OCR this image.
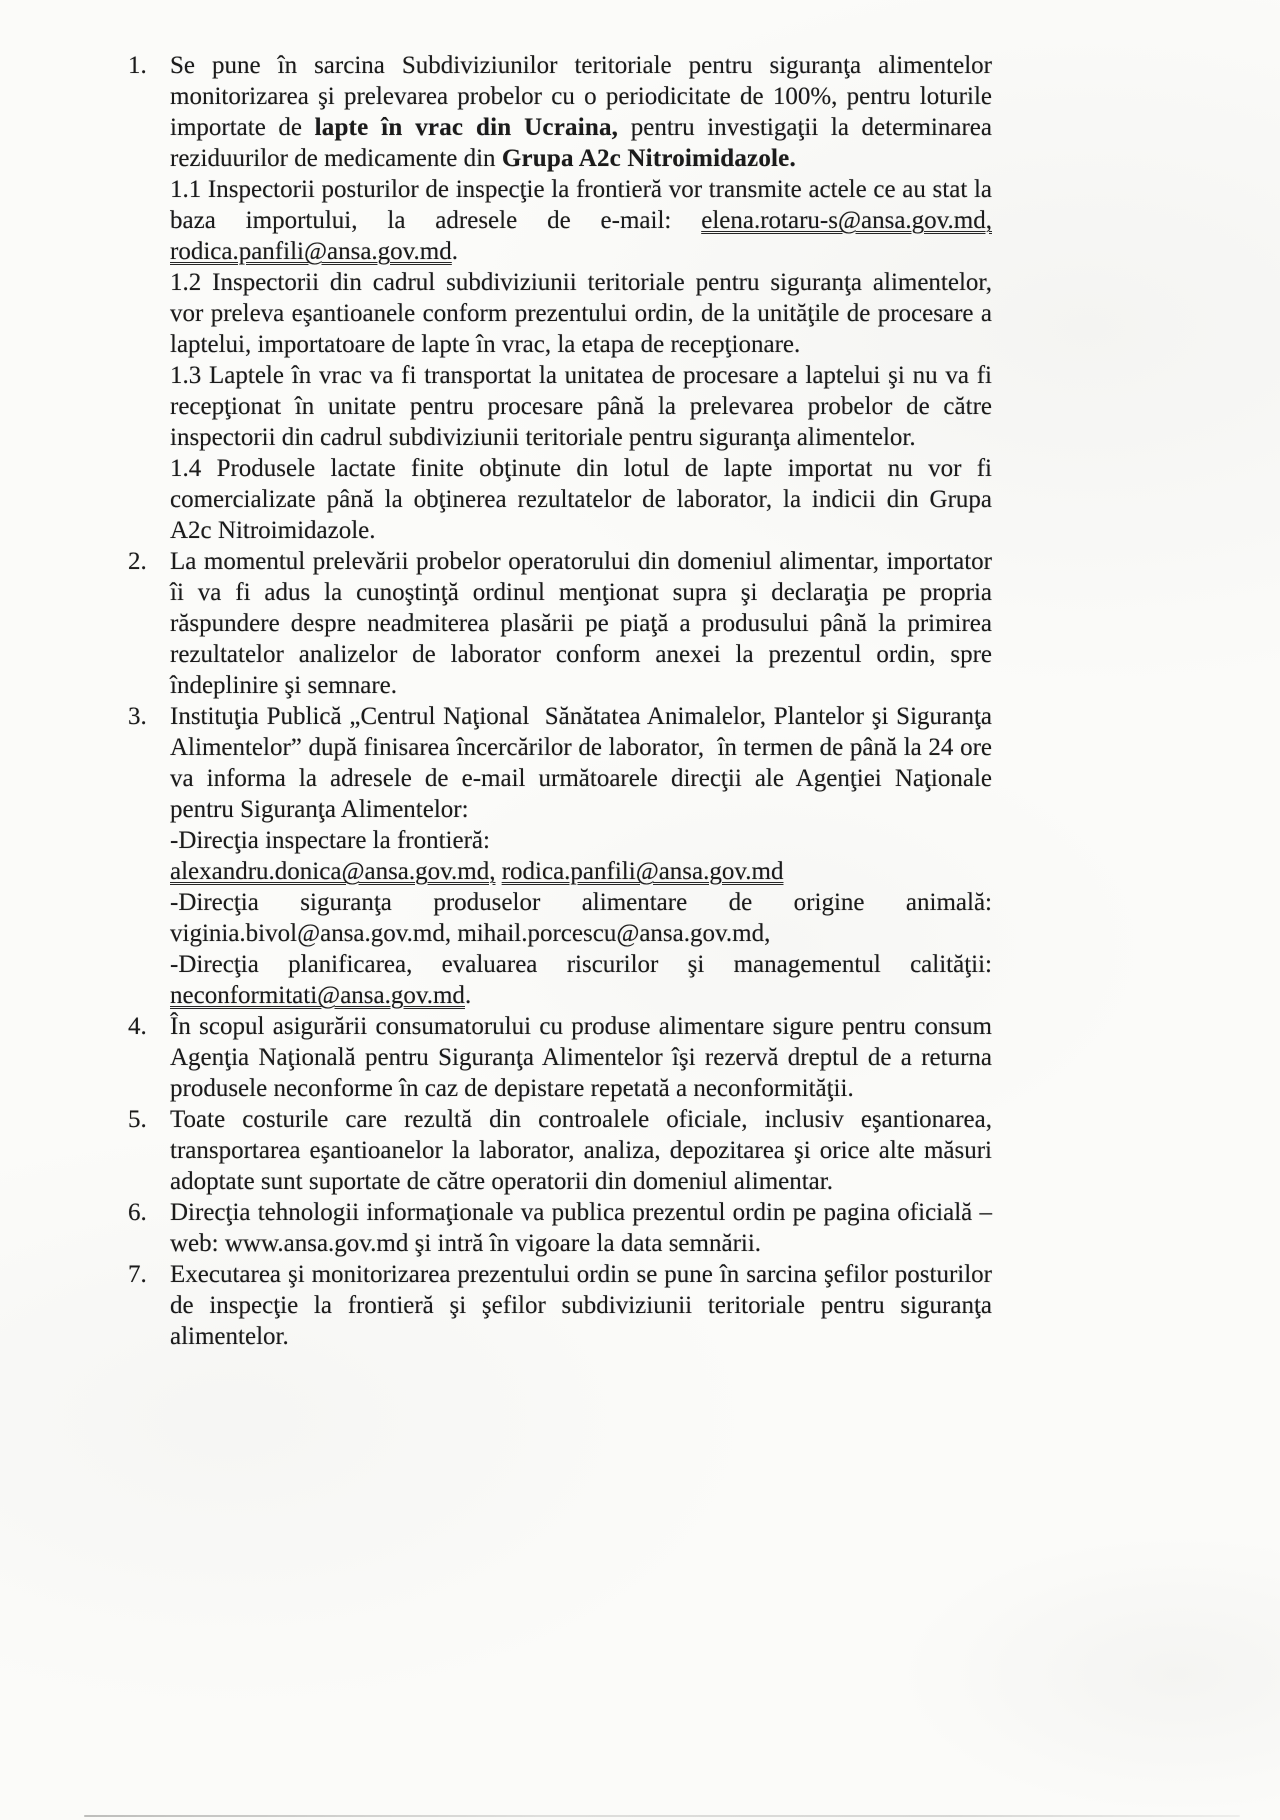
1. Se pune în sarcina Subdiviziunilor teritoriale pentru siguranţa alimentelor monitorizarea şi prelevarea probelor cu o periodicitate de 100%, pentru loturile importate de lapte în vrac din Ucraina, pentru investigaţii la determinarea reziduurilor de medicamente din Grupa A2c Nitroimidazole.

1.1 Inspectorii posturilor de inspecţie la frontieră vor transmite actele ce au stat la baza importului, la adresele de e-mail: elena.rotaru-s@ansa.gov.md, rodica.panfili@ansa.gov.md.

1.2 Inspectorii din cadrul subdiviziunii teritoriale pentru siguranţa alimentelor, vor preleva eşantioanele conform prezentului ordin, de la unităţile de procesare a laptelui, importatoare de lapte în vrac, la etapa de recepţionare.

1.3 Laptele în vrac va fi transportat la unitatea de procesare a laptelui şi nu va fi recepţionat în unitate pentru procesare până la prelevarea probelor de către inspectorii din cadrul subdiviziunii teritoriale pentru siguranţa alimentelor.

1.4 Produsele lactate finite obţinute din lotul de lapte importat nu vor fi comercializate până la obţinerea rezultatelor de laborator, la indicii din Grupa A2c Nitroimidazole.

2. La momentul prelevării probelor operatorului din domeniul alimentar, importator îi va fi adus la cunoştinţă ordinul menţionat supra şi declaraţia pe propria răspundere despre neadmiterea plasării pe piaţă a produsului până la primirea rezultatelor analizelor de laborator conform anexei la prezentul ordin, spre îndeplinire şi semnare.

3. Instituţia Publică „Centrul Naţional  Sănătatea Animalelor, Plantelor şi Siguranţa Alimentelor” după finisarea încercărilor de laborator,  în termen de până la 24 ore va informa la adresele de e-mail următoarele direcţii ale Agenţiei Naţionale pentru Siguranţa Alimentelor:

-Direcţia inspectare la frontieră:

alexandru.donica@ansa.gov.md, rodica.panfili@ansa.gov.md

-Direcţia siguranţa produselor alimentare de origine animală: viginia.bivol@ansa.gov.md, mihail.porcescu@ansa.gov.md,

-Direcţia planificarea, evaluarea riscurilor şi managementul calităţii: neconformitati@ansa.gov.md.

4. În scopul asigurării consumatorului cu produse alimentare sigure pentru consum Agenţia Naţională pentru Siguranţa Alimentelor îşi rezervă dreptul de a returna produsele neconforme în caz de depistare repetată a neconformităţii.

5. Toate costurile care rezultă din controalele oficiale, inclusiv eşantionarea, transportarea eşantioanelor la laborator, analiza, depozitarea şi orice alte măsuri adoptate sunt suportate de către operatorii din domeniul alimentar.

6. Direcţia tehnologii informaţionale va publica prezentul ordin pe pagina oficială – web: www.ansa.gov.md şi intră în vigoare la data semnării.

7. Executarea şi monitorizarea prezentului ordin se pune în sarcina şefilor posturilor de inspecţie la frontieră şi şefilor subdiviziunii teritoriale pentru siguranţa alimentelor.
